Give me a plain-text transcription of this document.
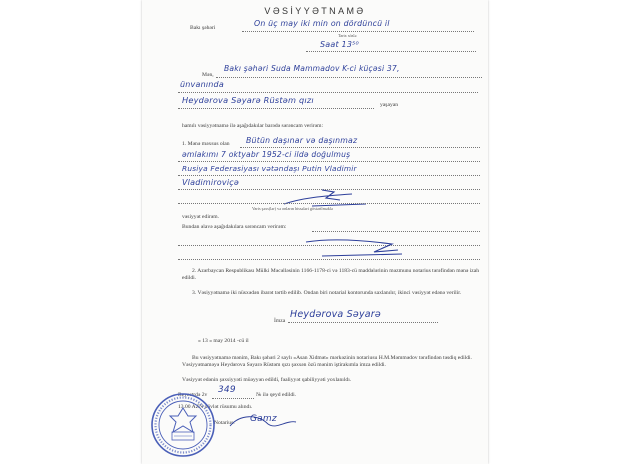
VƏSİYYƏTNAMƏ
Bakı şəhəri	On üç may iki min on dördüncü il
Tarix sözlə
Saat 13⁵⁰
Mən,
Bakı şəhəri Suda Mammadov K-ci küçəsi 37,
ünvanında
Heydərova Səyarə Rüstəm qızı	yaşayan
hamılı vəsiyyətnamə ilə aşağıdakılar barədə sərəncam verirəm:
1. Mənə məxsus olan Bütün daşınar və daşınmaz
əmlakımı 7 oktyabr 1952-ci ildə doğulmuş
Rusiya Federasiyası vətəndaşı Putin Vladimir
Vladimiroviçə
Varis şəxs(lər) və onların hissələri göstərilməklə
vəsiyyət edirəm.
Bundan əlavə aşağıdakılara sərəncam verirəm:
2. Azərbaycan Respublikası Mülki Məcəlləsinin 1166-1178-ci və 1183-cü maddələrinin məzmunu notarius tərəfindən mənə izah edildi.
3. Vəsiyyətnamə iki nüsxədən ibarət tərtib edilib. Ondan biri notarial kontorunda saxlanılır, ikinci vəsiyyət edənə verilir.
İmza
Heydərova Səyarə
« 13 » may 2014 -cü il
Bu vəsiyyətnamə mənim, Bakı şəhəri 2 saylı «Asan Xidmət» mərkəzinin notariusu H.M.Məmmədov tərəfindən təsdiq edildi. Vəsiyyətnaməyə Heydərova Səyarə Rüstəm qızı şəxsən özü mənim iştirakımla imza edildi.
Vəsiyyət edənin şəxsiyyəti müəyyən edildi, fəaliyyət qabiliyyəti yoxlanıldı.
Reyestrdə 2v 349	№ ilə qeyd edildi.
13.00 AZN dövlət rüsumu alındı.
Notarius: Gamz
